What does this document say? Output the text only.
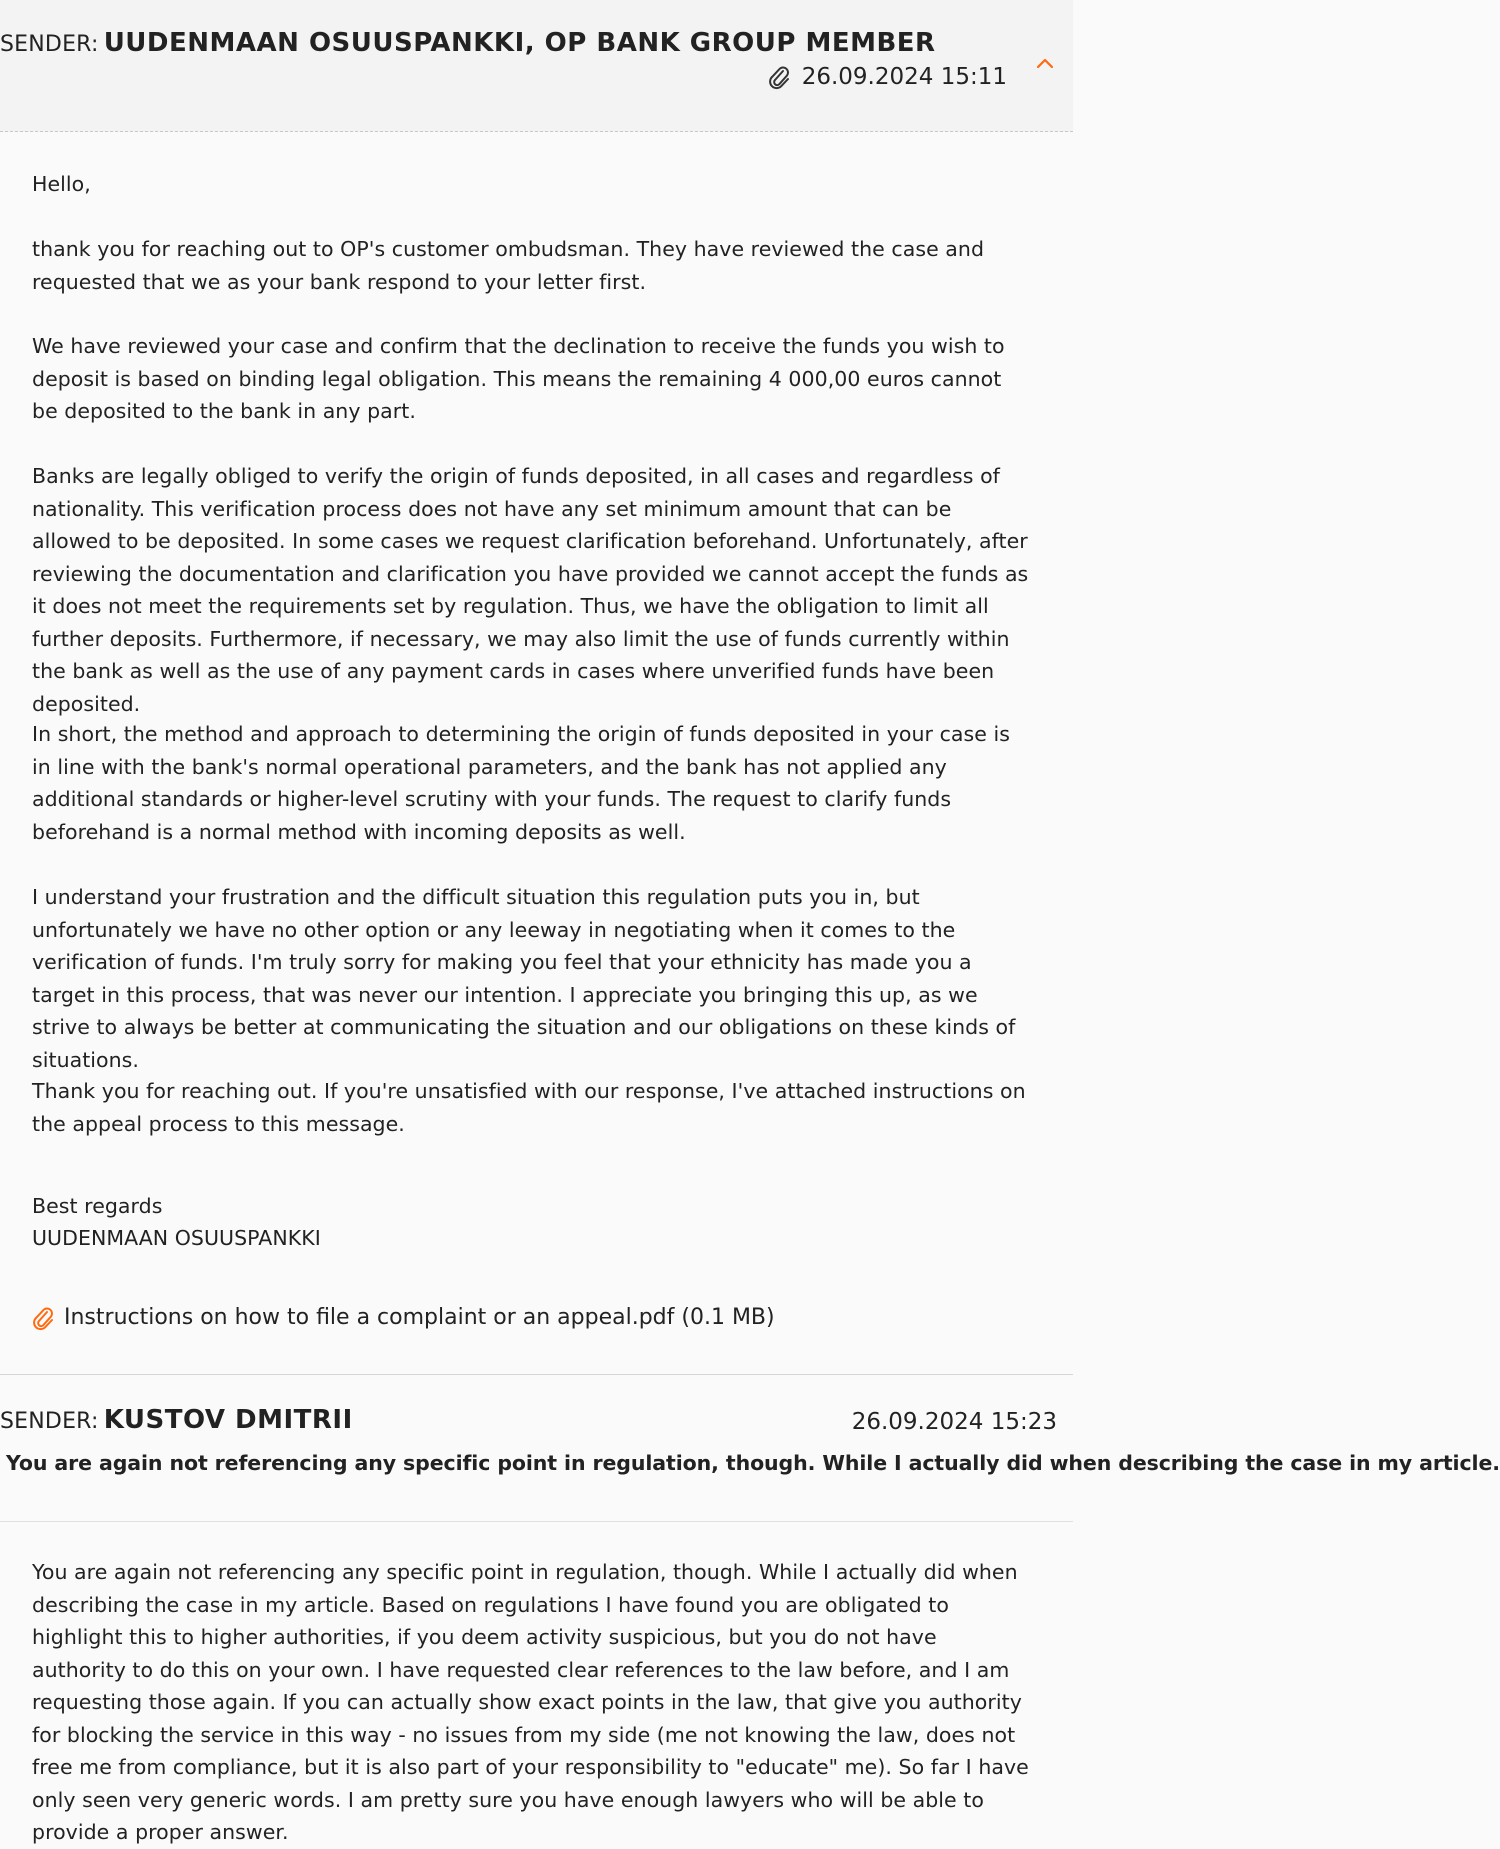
SENDER: UUDENMAAN OSUUSPANKKI, OP BANK GROUP MEMBER
26.09.2024 15:11
Hello,
thank you for reaching out to OP's customer ombudsman. They have reviewed the case and requested that we as your bank respond to your letter first.
We have reviewed your case and confirm that the declination to receive the funds you wish to deposit is based on binding legal obligation. This means the remaining 4 000,00 euros cannot be deposited to the bank in any part.
Banks are legally obliged to verify the origin of funds deposited, in all cases and regardless of nationality. This verification process does not have any set minimum amount that can be allowed to be deposited. In some cases we request clarification beforehand. Unfortunately, after reviewing the documentation and clarification you have provided we cannot accept the funds as it does not meet the requirements set by regulation. Thus, we have the obligation to limit all further deposits. Furthermore, if necessary, we may also limit the use of funds currently within the bank as well as the use of any payment cards in cases where unverified funds have been deposited.
In short, the method and approach to determining the origin of funds deposited in your case is in line with the bank's normal operational parameters, and the bank has not applied any additional standards or higher-level scrutiny with your funds. The request to clarify funds beforehand is a normal method with incoming deposits as well.
I understand your frustration and the difficult situation this regulation puts you in, but unfortunately we have no other option or any leeway in negotiating when it comes to the verification of funds. I'm truly sorry for making you feel that your ethnicity has made you a target in this process, that was never our intention. I appreciate you bringing this up, as we strive to always be better at communicating the situation and our obligations on these kinds of situations.
Thank you for reaching out. If you're unsatisfied with our response, I've attached instructions on the appeal process to this message.
Best regards
UUDENMAAN OSUUSPANKKI
Instructions on how to file a complaint or an appeal.pdf (0.1 MB)
SENDER: KUSTOV DMITRII	26.09.2024 15:23
You are again not referencing any specific point in regulation, though. While I actually did when describing the case in my article.
You are again not referencing any specific point in regulation, though. While I actually did when describing the case in my article. Based on regulations I have found you are obligated to highlight this to higher authorities, if you deem activity suspicious, but you do not have authority to do this on your own. I have requested clear references to the law before, and I am requesting those again. If you can actually show exact points in the law, that give you authority for blocking the service in this way - no issues from my side (me not knowing the law, does not free me from compliance, but it is also part of your responsibility to "educate" me). So far I have only seen very generic words. I am pretty sure you have enough lawyers who will be able to provide a proper answer.
